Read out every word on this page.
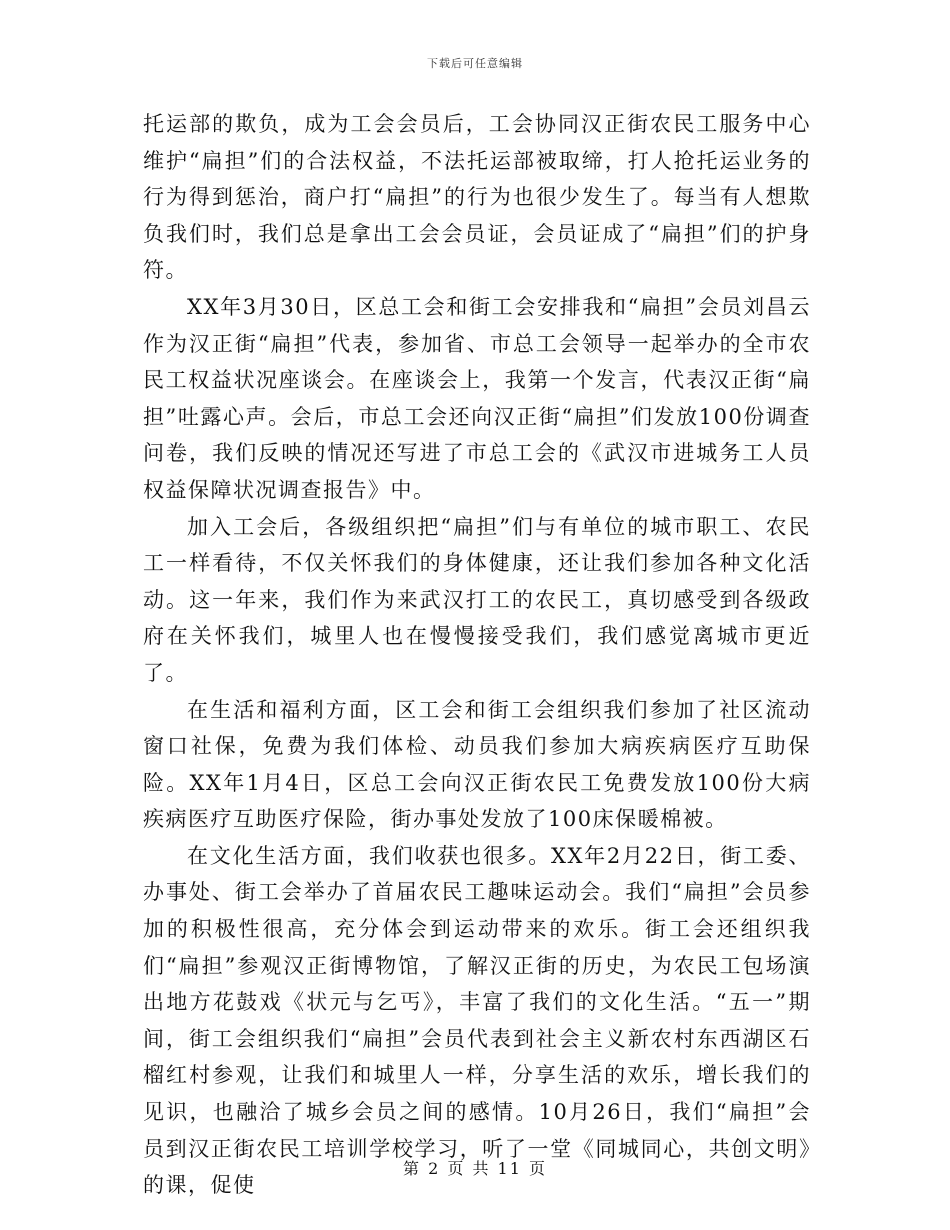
下载后可任意编辑

托运部的欺负，成为工会会员后，工会协同汉正街农民工服务中心维护“扁担”们的合法权益，不法托运部被取缔，打人抢托运业务的行为得到惩治，商户打“扁担”的行为也很少发生了。每当有人想欺负我们时，我们总是拿出工会会员证，会员证成了“扁担”们的护身符。

XX年3月30日，区总工会和街工会安排我和“扁担”会员刘昌云作为汉正街“扁担”代表，参加省、市总工会领导一起举办的全市农民工权益状况座谈会。在座谈会上，我第一个发言，代表汉正街“扁担”吐露心声。会后，市总工会还向汉正街“扁担”们发放100份调查问卷，我们反映的情况还写进了市总工会的《武汉市进城务工人员权益保障状况调查报告》中。

加入工会后，各级组织把“扁担”们与有单位的城市职工、农民工一样看待，不仅关怀我们的身体健康，还让我们参加各种文化活动。这一年来，我们作为来武汉打工的农民工，真切感受到各级政府在关怀我们，城里人也在慢慢接受我们，我们感觉离城市更近了。

在生活和福利方面，区工会和街工会组织我们参加了社区流动窗口社保，免费为我们体检、动员我们参加大病疾病医疗互助保险。XX年1月4日，区总工会向汉正街农民工免费发放100份大病疾病医疗互助医疗保险，街办事处发放了100床保暖棉被。

在文化生活方面，我们收获也很多。XX年2月22日，街工委、办事处、街工会举办了首届农民工趣味运动会。我们“扁担”会员参加的积极性很高，充分体会到运动带来的欢乐。街工会还组织我们“扁担”参观汉正街博物馆，了解汉正街的历史，为农民工包场演出地方花鼓戏《状元与乞丐》，丰富了我们的文化生活。“五一”期间，街工会组织我们“扁担”会员代表到社会主义新农村东西湖区石榴红村参观，让我们和城里人一样，分享生活的欢乐，增长我们的见识，也融洽了城乡会员之间的感情。10月26日，我们“扁担”会员到汉正街农民工培训学校学习，听了一堂《同城同心，共创文明》的课，促使

第 2 页 共 11 页
